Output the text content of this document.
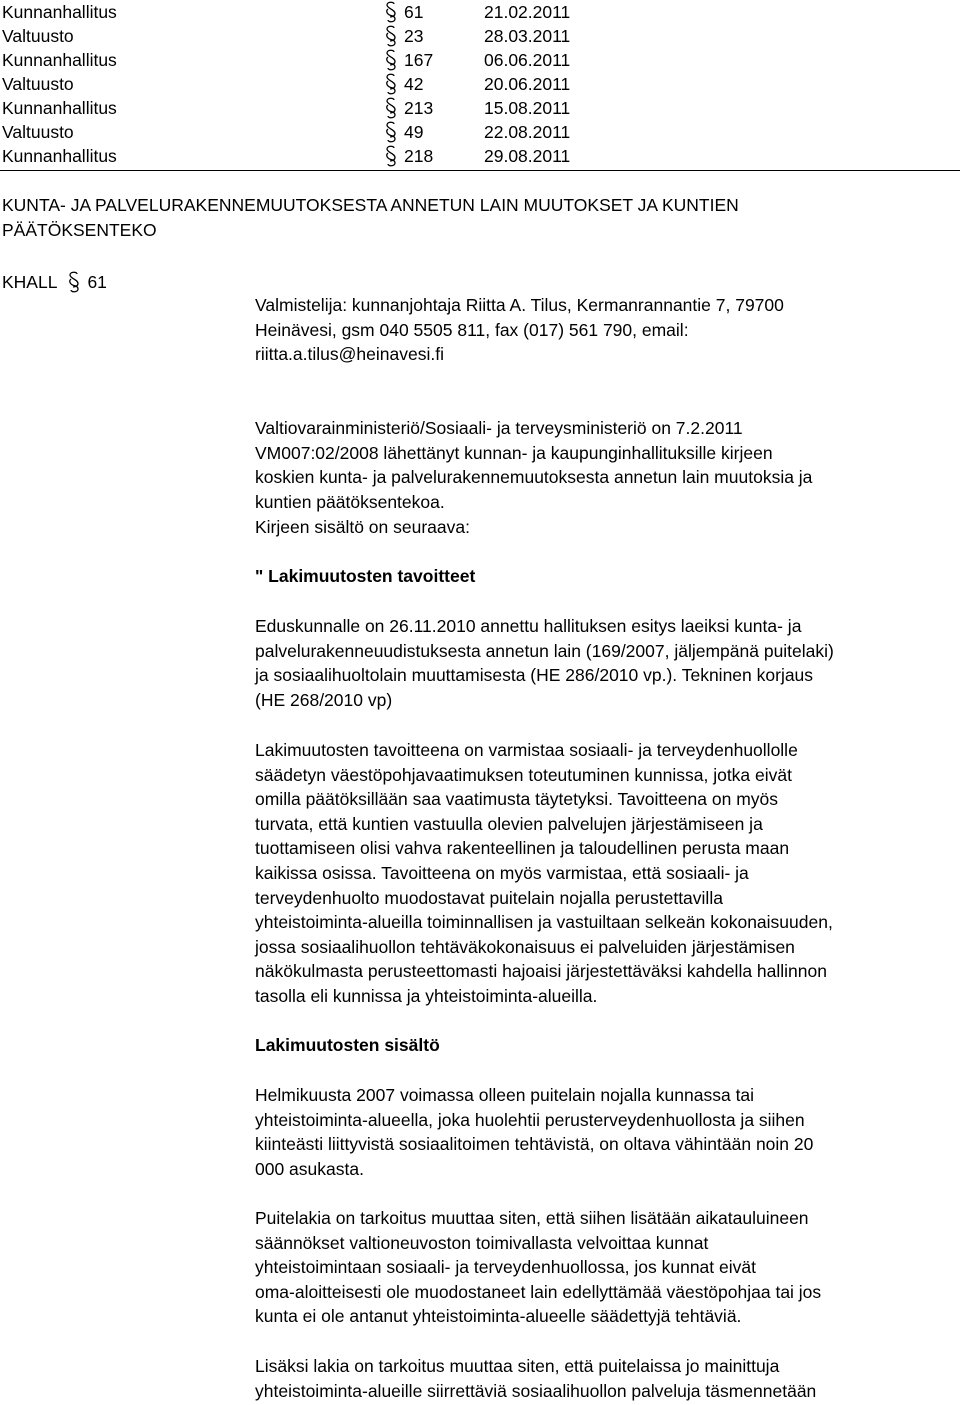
Kunnanhallitus	61	21.02.2011
Valtuusto	23	28.03.2011
Kunnanhallitus	167	06.06.2011
Valtuusto	42	20.06.2011
Kunnanhallitus	213	15.08.2011
Valtuusto	49	22.08.2011
Kunnanhallitus	218	29.08.2011
KUNTA- JA PALVELURAKENNEMUUTOKSESTA ANNETUN LAIN MUUTOKSET JA KUNTIEN
PÄÄTÖKSENTEKO
KHALL 61

Valmistelija: kunnanjohtaja Riitta A. Tilus, Kermanrannantie 7, 79700
Heinävesi, gsm 040 5505 811, fax (017) 561 790, email:
riitta.a.tilus@heinavesi.fi

Valtiovarainministeriö/Sosiaali- ja terveysministeriö on 7.2.2011
VM007:02/2008 lähettänyt kunnan- ja kaupunginhallituksille kirjeen
koskien kunta- ja palvelurakennemuutoksesta annetun lain muutoksia ja
kuntien päätöksentekoa.

Kirjeen sisältö on seuraava:

" Lakimuutosten tavoitteet

Eduskunnalle on 26.11.2010 annettu hallituksen esitys laeiksi kunta- ja
palvelurakenneuudistuksesta annetun lain (169/2007, jäljempänä puitelaki)
ja sosiaalihuoltolain muuttamisesta (HE 286/2010 vp.). Tekninen korjaus
(HE 268/2010 vp)

Lakimuutosten tavoitteena on varmistaa sosiaali- ja terveydenhuollolle
säädetyn väestöpohjavaatimuksen toteutuminen kunnissa, jotka eivät
omilla päätöksillään saa vaatimusta täytetyksi. Tavoitteena on myös
turvata, että kuntien vastuulla olevien palvelujen järjestämiseen ja
tuottamiseen olisi vahva rakenteellinen ja taloudellinen perusta maan
kaikissa osissa. Tavoitteena on myös varmistaa, että sosiaali- ja
terveydenhuolto muodostavat puitelain nojalla perustettavilla
yhteistoiminta-alueilla toiminnallisen ja vastuiltaan selkeän kokonaisuuden,
jossa sosiaalihuollon tehtäväkokonaisuus ei palveluiden järjestämisen
näkökulmasta perusteettomasti hajoaisi järjestettäväksi kahdella hallinnon
tasolla eli kunnissa ja yhteistoiminta-alueilla.

Lakimuutosten sisältö

Helmikuusta 2007 voimassa olleen puitelain nojalla kunnassa tai
yhteistoiminta-alueella, joka huolehtii perusterveydenhuollosta ja siihen
kiinteästi liittyvistä sosiaalitoimen tehtävistä, on oltava vähintään noin 20
000 asukasta.

Puitelakia on tarkoitus muuttaa siten, että siihen lisätään aikatauluineen
säännökset valtioneuvoston toimivallasta velvoittaa kunnat
yhteistoimintaan sosiaali- ja terveydenhuollossa, jos kunnat eivät
oma-aloitteisesti ole muodostaneet lain edellyttämää väestöpohjaa tai jos
kunta ei ole antanut yhteistoiminta-alueelle säädettyjä tehtäviä.

Lisäksi lakia on tarkoitus muuttaa siten, että puitelaissa jo mainittuja
yhteistoiminta-alueille siirrettäviä sosiaalihuollon palveluja täsmennetään
